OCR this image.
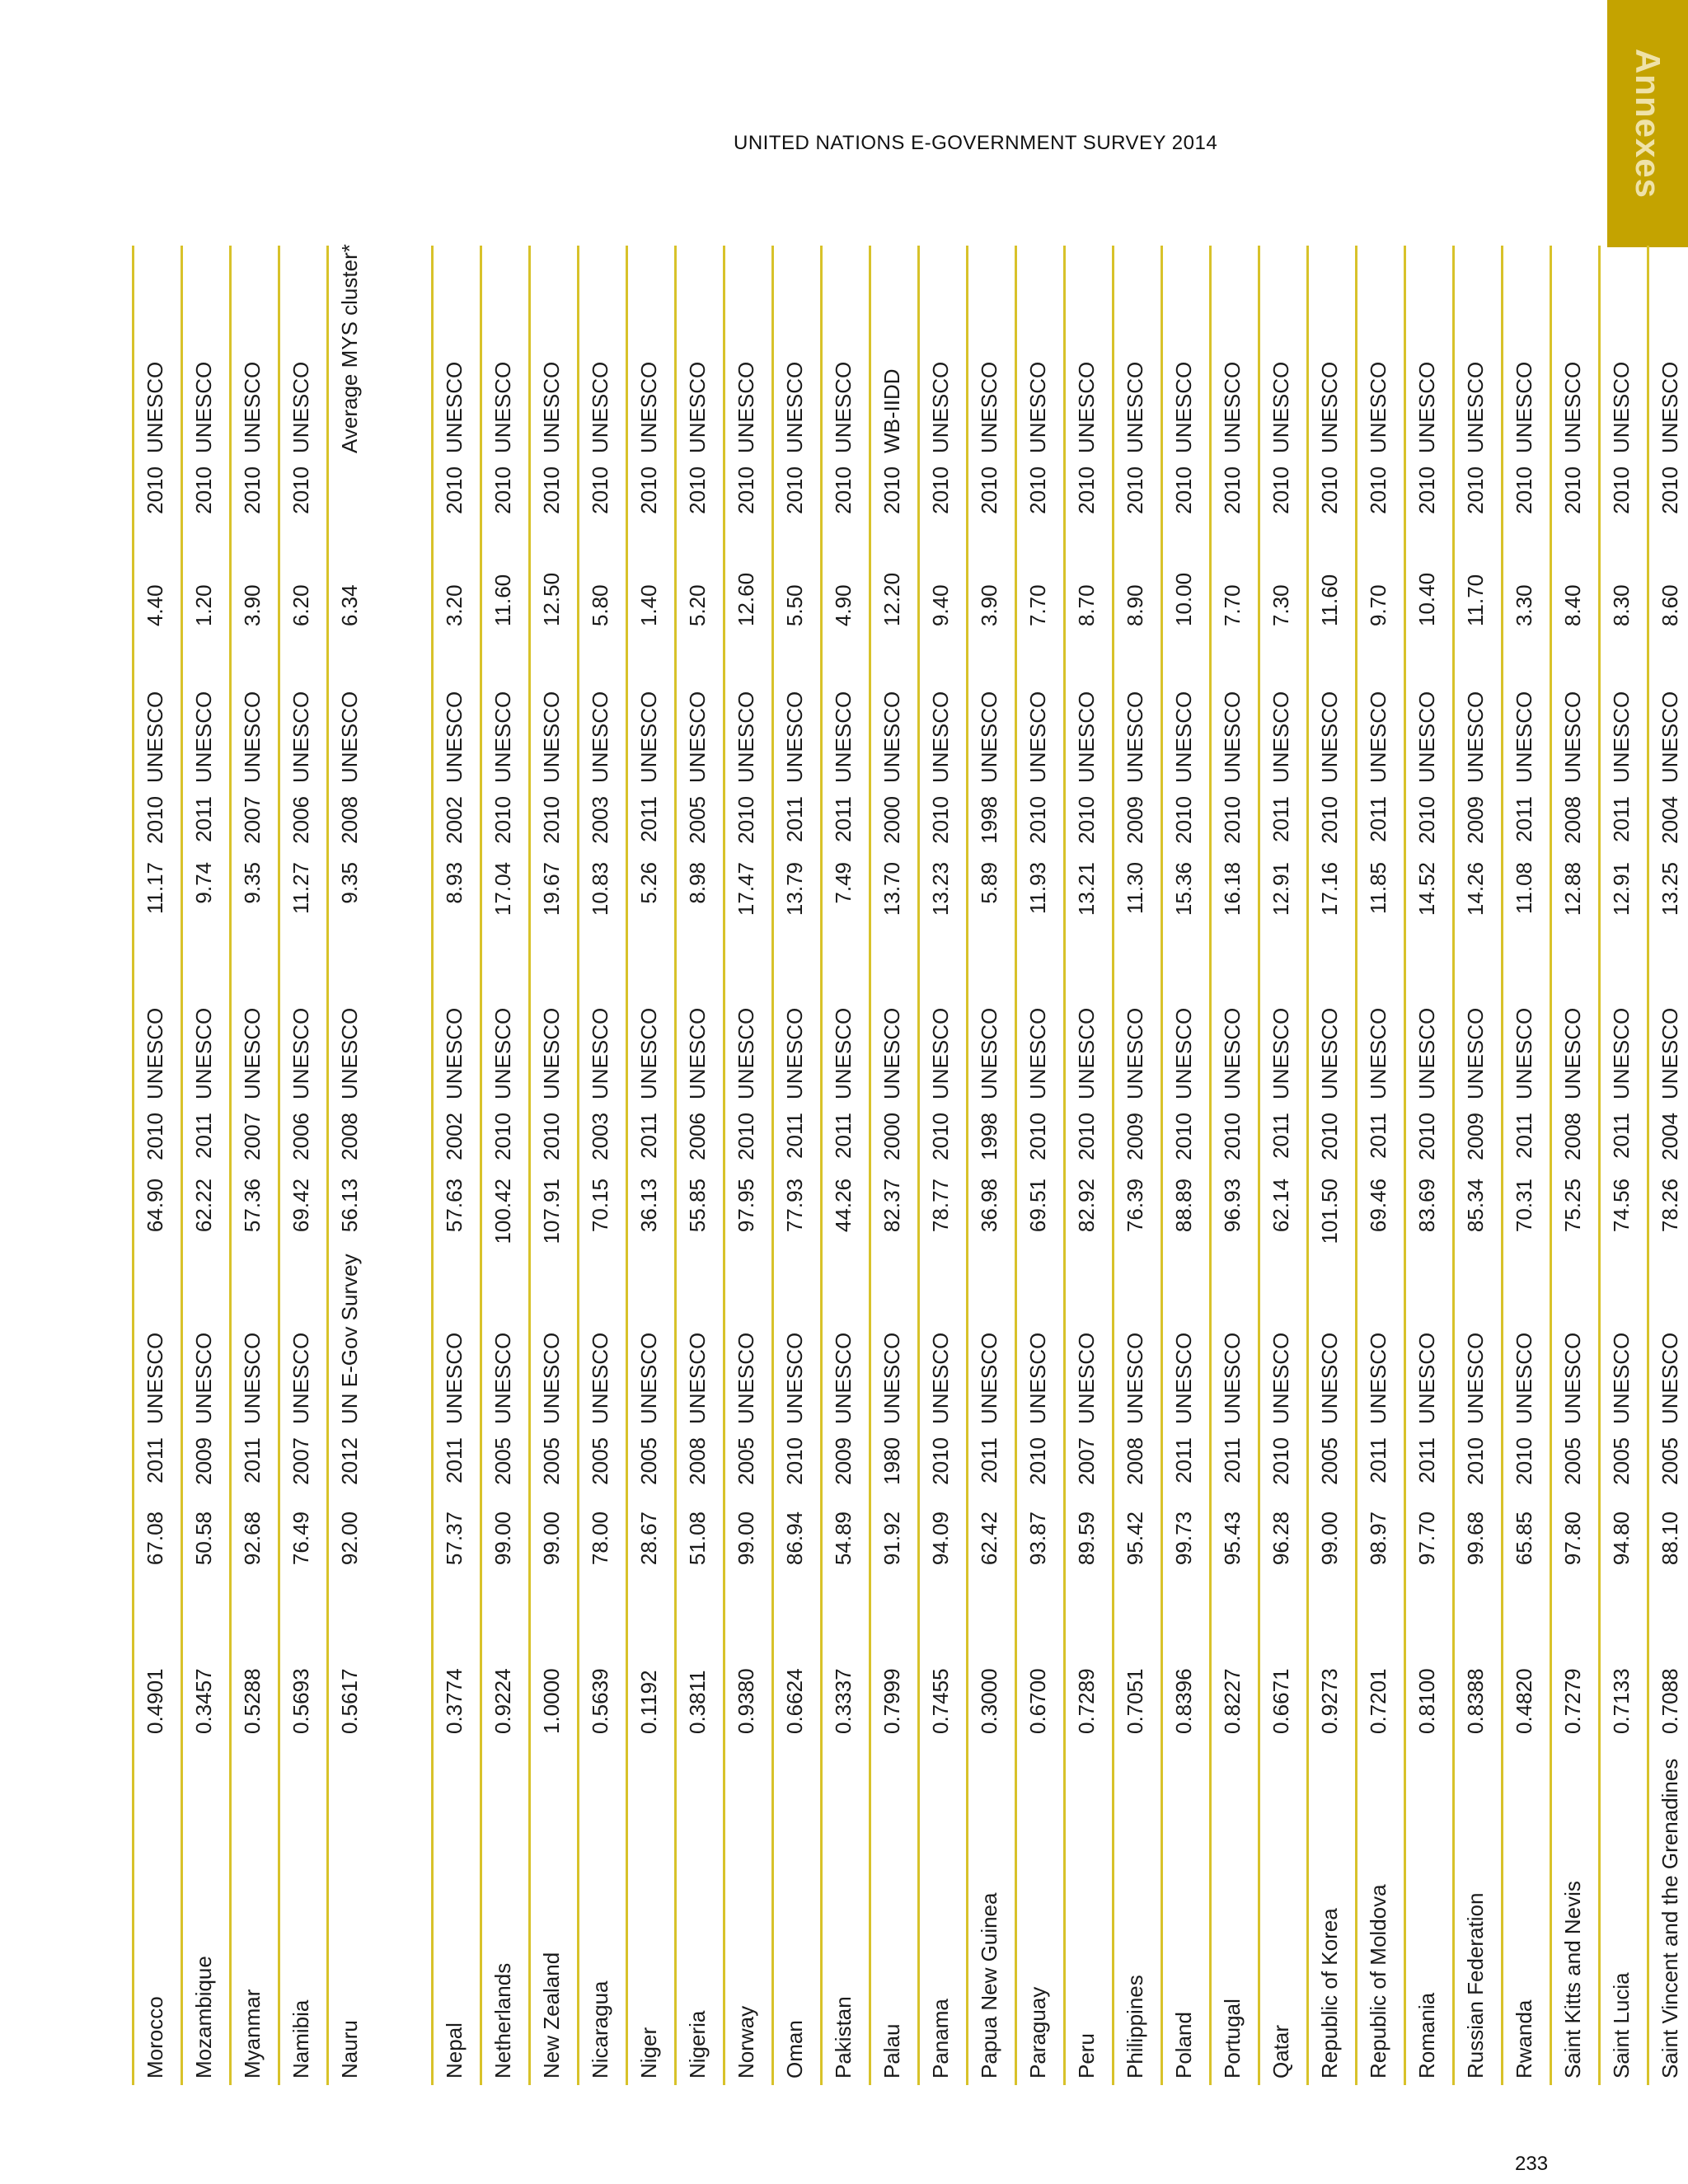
Annexes
UNITED NATIONS E-GOVERNMENT SURVEY 2014
Morocco	0.4901	67.08	2011	UNESCO	64.90	2010	UNESCO	11.17	2010	UNESCO	4.40	2010	UNESCO
Mozambique	0.3457	50.58	2009	UNESCO	62.22	2011	UNESCO	9.74	2011	UNESCO	1.20	2010	UNESCO
Myanmar	0.5288	92.68	2011	UNESCO	57.36	2007	UNESCO	9.35	2007	UNESCO	3.90	2010	UNESCO
Namibia	0.5693	76.49	2007	UNESCO	69.42	2006	UNESCO	11.27	2006	UNESCO	6.20	2010	UNESCO
Nauru	0.5617	92.00	2012	UN E-Gov Survey	56.13	2008	UNESCO	9.35	2008	UNESCO	6.34		Average MYS cluster*
Nepal	0.3774	57.37	2011	UNESCO	57.63	2002	UNESCO	8.93	2002	UNESCO	3.20	2010	UNESCO
Netherlands	0.9224	99.00	2005	UNESCO	100.42	2010	UNESCO	17.04	2010	UNESCO	11.60	2010	UNESCO
New Zealand	1.0000	99.00	2005	UNESCO	107.91	2010	UNESCO	19.67	2010	UNESCO	12.50	2010	UNESCO
Nicaragua	0.5639	78.00	2005	UNESCO	70.15	2003	UNESCO	10.83	2003	UNESCO	5.80	2010	UNESCO
Niger	0.1192	28.67	2005	UNESCO	36.13	2011	UNESCO	5.26	2011	UNESCO	1.40	2010	UNESCO
Nigeria	0.3811	51.08	2008	UNESCO	55.85	2006	UNESCO	8.98	2005	UNESCO	5.20	2010	UNESCO
Norway	0.9380	99.00	2005	UNESCO	97.95	2010	UNESCO	17.47	2010	UNESCO	12.60	2010	UNESCO
Oman	0.6624	86.94	2010	UNESCO	77.93	2011	UNESCO	13.79	2011	UNESCO	5.50	2010	UNESCO
Pakistan	0.3337	54.89	2009	UNESCO	44.26	2011	UNESCO	7.49	2011	UNESCO	4.90	2010	UNESCO
Palau	0.7999	91.92	1980	UNESCO	82.37	2000	UNESCO	13.70	2000	UNESCO	12.20	2010	WB-IIDD
Panama	0.7455	94.09	2010	UNESCO	78.77	2010	UNESCO	13.23	2010	UNESCO	9.40	2010	UNESCO
Papua New Guinea	0.3000	62.42	2011	UNESCO	36.98	1998	UNESCO	5.89	1998	UNESCO	3.90	2010	UNESCO
Paraguay	0.6700	93.87	2010	UNESCO	69.51	2010	UNESCO	11.93	2010	UNESCO	7.70	2010	UNESCO
Peru	0.7289	89.59	2007	UNESCO	82.92	2010	UNESCO	13.21	2010	UNESCO	8.70	2010	UNESCO
Philippines	0.7051	95.42	2008	UNESCO	76.39	2009	UNESCO	11.30	2009	UNESCO	8.90	2010	UNESCO
Poland	0.8396	99.73	2011	UNESCO	88.89	2010	UNESCO	15.36	2010	UNESCO	10.00	2010	UNESCO
Portugal	0.8227	95.43	2011	UNESCO	96.93	2010	UNESCO	16.18	2010	UNESCO	7.70	2010	UNESCO
Qatar	0.6671	96.28	2010	UNESCO	62.14	2011	UNESCO	12.91	2011	UNESCO	7.30	2010	UNESCO
Republic of Korea	0.9273	99.00	2005	UNESCO	101.50	2010	UNESCO	17.16	2010	UNESCO	11.60	2010	UNESCO
Republic of Moldova	0.7201	98.97	2011	UNESCO	69.46	2011	UNESCO	11.85	2011	UNESCO	9.70	2010	UNESCO
Romania	0.8100	97.70	2011	UNESCO	83.69	2010	UNESCO	14.52	2010	UNESCO	10.40	2010	UNESCO
Russian Federation	0.8388	99.68	2010	UNESCO	85.34	2009	UNESCO	14.26	2009	UNESCO	11.70	2010	UNESCO
Rwanda	0.4820	65.85	2010	UNESCO	70.31	2011	UNESCO	11.08	2011	UNESCO	3.30	2010	UNESCO
Saint Kitts and Nevis	0.7279	97.80	2005	UNESCO	75.25	2008	UNESCO	12.88	2008	UNESCO	8.40	2010	UNESCO
Saint Lucia	0.7133	94.80	2005	UNESCO	74.56	2011	UNESCO	12.91	2011	UNESCO	8.30	2010	UNESCO
Saint Vincent and the Grenadines	0.7088	88.10	2005	UNESCO	78.26	2004	UNESCO	13.25	2004	UNESCO	8.60	2010	UNESCO
233
